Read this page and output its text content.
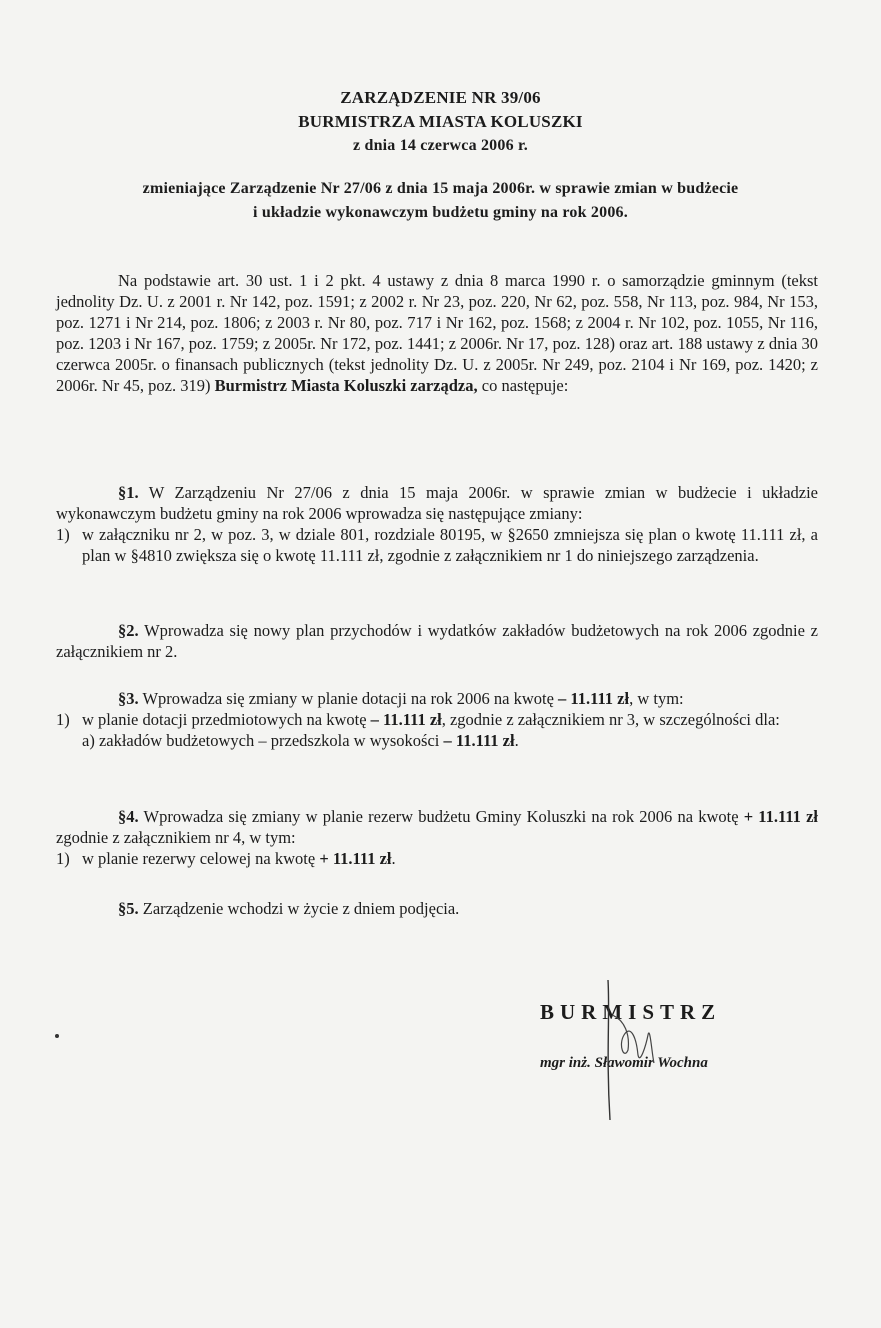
ZARZĄDZENIE NR 39/06
BURMISTRZA MIASTA KOLUSZKI
z dnia 14 czerwca 2006 r.
zmieniające Zarządzenie Nr 27/06 z dnia 15 maja 2006r. w sprawie zmian w budżecie
i układzie wykonawczym budżetu gminy na rok 2006.
Na podstawie art. 30 ust. 1 i 2 pkt. 4 ustawy z dnia 8 marca 1990 r. o samorządzie gminnym (tekst jednolity Dz. U. z 2001 r. Nr 142, poz. 1591; z 2002 r. Nr 23, poz. 220, Nr 62, poz. 558, Nr 113, poz. 984, Nr 153, poz. 1271 i Nr 214, poz. 1806; z 2003 r. Nr 80, poz. 717 i Nr 162, poz. 1568; z 2004 r. Nr 102, poz. 1055, Nr 116, poz. 1203 i Nr 167, poz. 1759; z 2005r. Nr 172, poz. 1441; z 2006r. Nr 17, poz. 128) oraz art. 188 ustawy z dnia 30 czerwca 2005r. o finansach publicznych (tekst jednolity Dz. U. z 2005r. Nr 249, poz. 2104 i Nr 169, poz. 1420; z 2006r. Nr 45, poz. 319) Burmistrz Miasta Koluszki zarządza, co następuje:
§1. W Zarządzeniu Nr 27/06 z dnia 15 maja 2006r. w sprawie zmian w budżecie i układzie wykonawczym budżetu gminy na rok 2006 wprowadza się następujące zmiany:
1) w załączniku nr 2, w poz. 3, w dziale 801, rozdziale 80195, w §2650 zmniejsza się plan o kwotę 11.111 zł, a plan w §4810 zwiększa się o kwotę 11.111 zł, zgodnie z załącznikiem nr 1 do niniejszego zarządzenia.
§2. Wprowadza się nowy plan przychodów i wydatków zakładów budżetowych na rok 2006 zgodnie z załącznikiem nr 2.
§3. Wprowadza się zmiany w planie dotacji na rok 2006 na kwotę – 11.111 zł, w tym:
1) w planie dotacji przedmiotowych na kwotę – 11.111 zł, zgodnie z załącznikiem nr 3, w szczególności dla:
a) zakładów budżetowych – przedszkola w wysokości – 11.111 zł.
§4. Wprowadza się zmiany w planie rezerw budżetu Gminy Koluszki na rok 2006 na kwotę + 11.111 zł zgodnie z załącznikiem nr 4, w tym:
1) w planie rezerwy celowej na kwotę + 11.111 zł.
§5. Zarządzenie wchodzi w życie z dniem podjęcia.
BURMISTRZ
mgr inż. Sławomir Wochna
